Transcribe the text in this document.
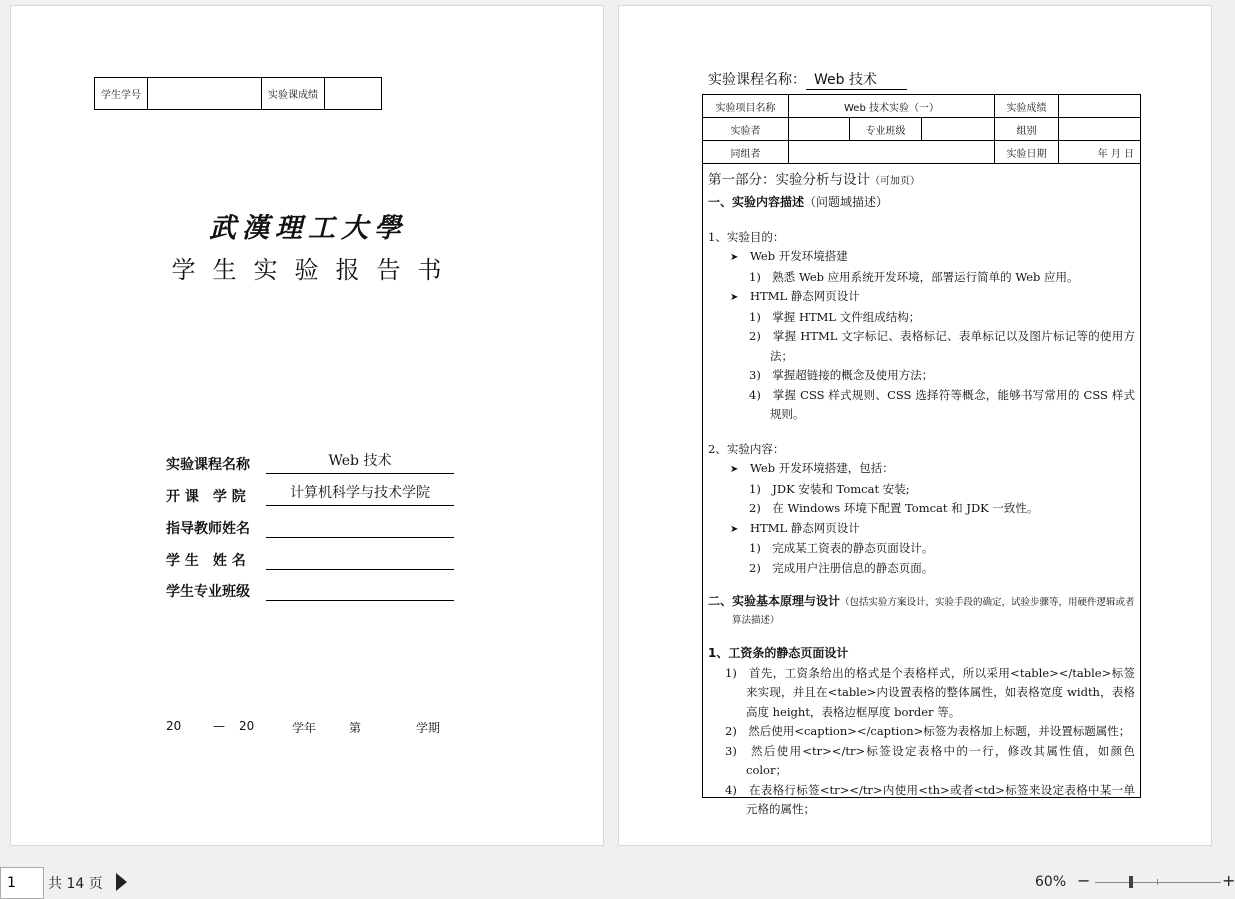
学生学号		实验课成绩	
武漢理工大學
学生实验报告书
实验课程名称	Web 技术
开 课　学 院	计算机科学与技术学院
指导教师姓名
学 生　姓 名
学生专业班级
20	— 20	学年	第	学期
实验课程名称： Web 技术
实验项目名称	Web 技术实验（一）			实验成绩	
实验者		专业班级		组别	
同组者				实验日期	年 月 日
第一部分：实验分析与设计（可加页）
一、实验内容描述（问题域描述）
1、实验目的：
➤ Web 开发环境搭建
1)　熟悉 Web 应用系统开发环境，部署运行简单的 Web 应用。
➤ HTML 静态网页设计
1)　掌握 HTML 文件组成结构；
2)　掌握 HTML 文字标记、表格标记、表单标记以及图片标记等的使用方法；
3)　掌握超链接的概念及使用方法；
4)　掌握 CSS 样式规则、CSS 选择符等概念，能够书写常用的 CSS 样式规则。
2、实验内容：
➤ Web 开发环境搭建，包括：
1)　JDK 安装和 Tomcat 安装;
2)　在 Windows 环境下配置 Tomcat 和 JDK 一致性。
➤ HTML 静态网页设计
1)　完成某工资表的静态页面设计。
2)　完成用户注册信息的静态页面。
二、实验基本原理与设计（包括实验方案设计，实验手段的确定，试验步骤等，用硬件逻辑或者算法描述）
1、工资条的静态页面设计
1)　首先，工资条给出的格式是个表格样式，所以采用<table></table>标签来实现，并且在<table>内设置表格的整体属性，如表格宽度 width，表格高度 height，表格边框厚度 border 等。
2)　然后使用<caption></caption>标签为表格加上标题，并设置标题属性；
3)　然后使用<tr></tr>标签设定表格中的一行，修改其属性值，如颜色 color；
4)　在表格行标签<tr></tr>内使用<th>或者<td>标签来设定表格中某一单元格的属性；
1
共 14 页	60% −	+
